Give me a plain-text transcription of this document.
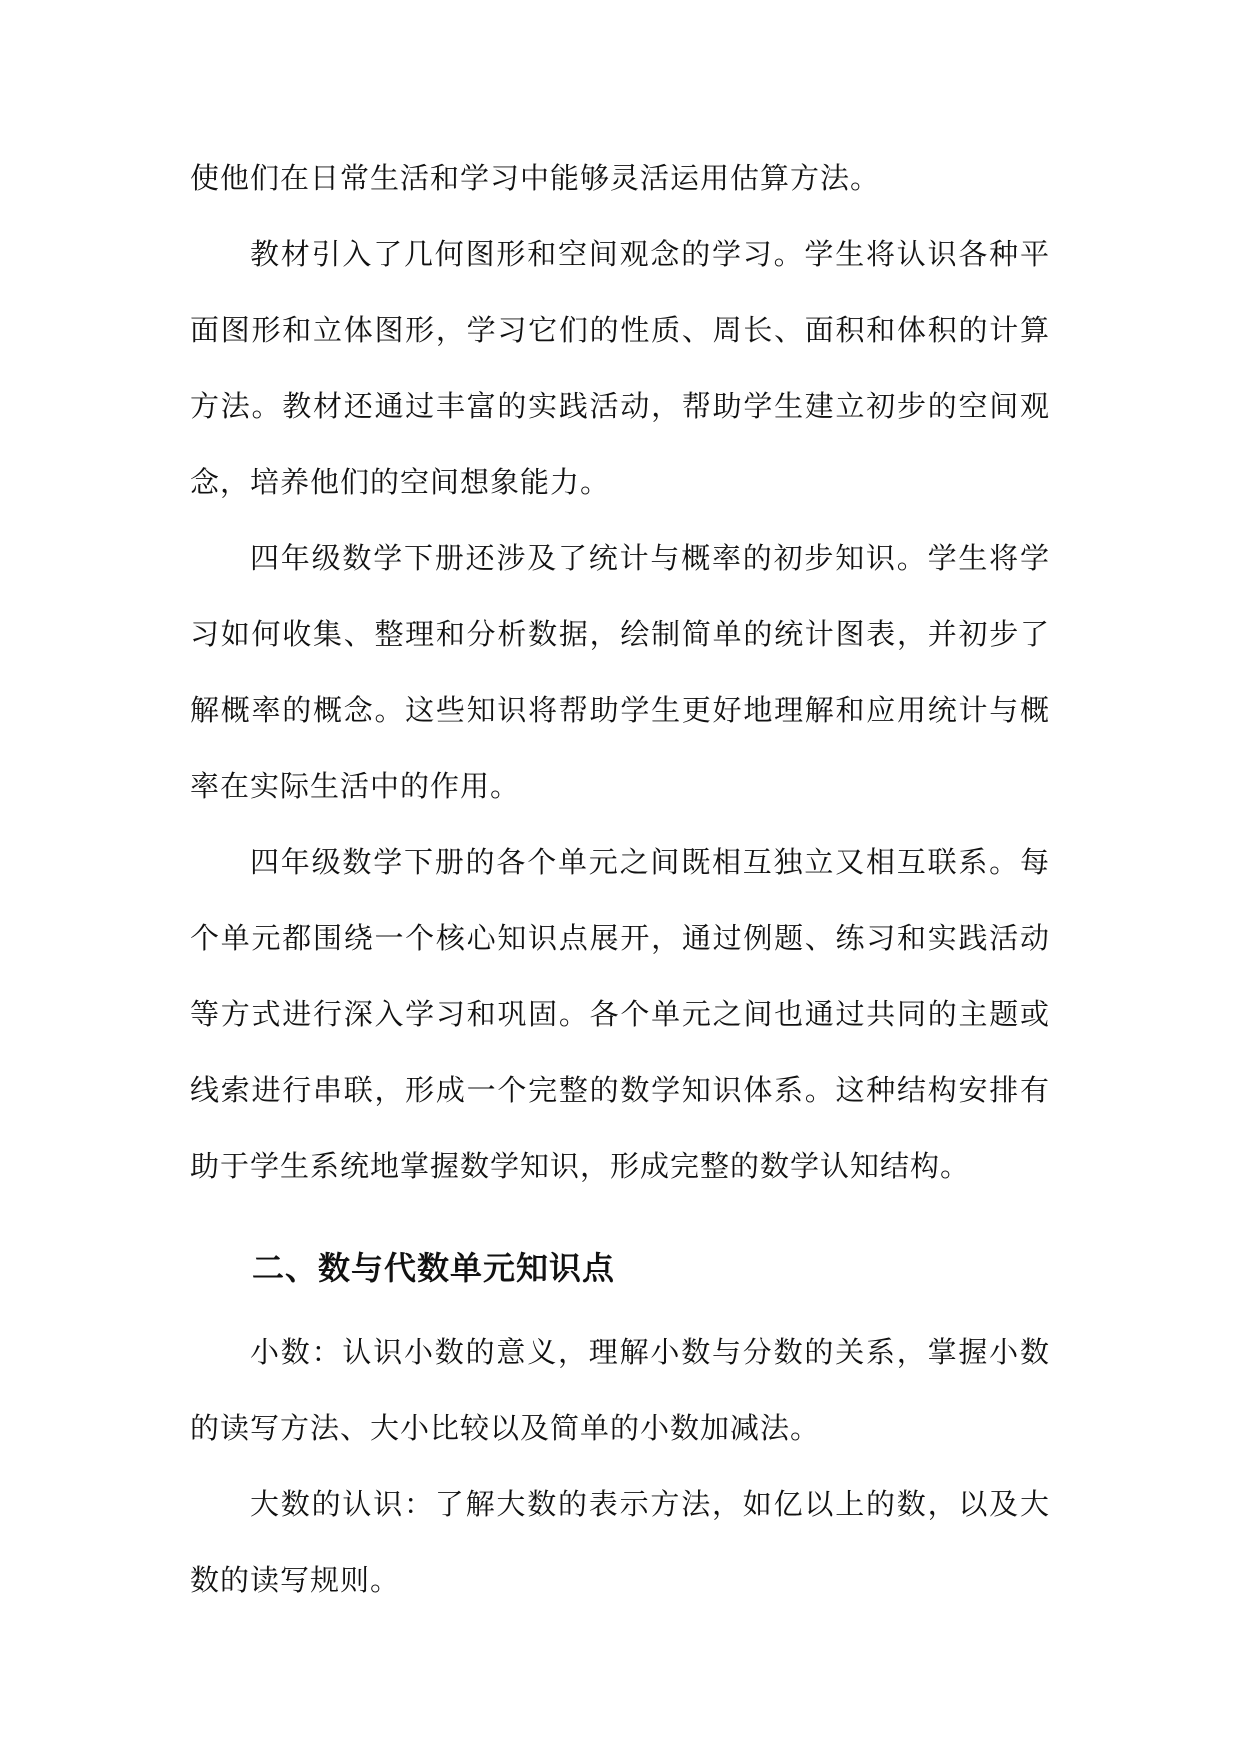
使他们在日常生活和学习中能够灵活运用估算方法。

教材引入了几何图形和空间观念的学习。学生将认识各种平面图形和立体图形，学习它们的性质、周长、面积和体积的计算方法。教材还通过丰富的实践活动，帮助学生建立初步的空间观念，培养他们的空间想象能力。

四年级数学下册还涉及了统计与概率的初步知识。学生将学习如何收集、整理和分析数据，绘制简单的统计图表，并初步了解概率的概念。这些知识将帮助学生更好地理解和应用统计与概率在实际生活中的作用。

四年级数学下册的各个单元之间既相互独立又相互联系。每个单元都围绕一个核心知识点展开，通过例题、练习和实践活动等方式进行深入学习和巩固。各个单元之间也通过共同的主题或线索进行串联，形成一个完整的数学知识体系。这种结构安排有助于学生系统地掌握数学知识，形成完整的数学认知结构。

二、数与代数单元知识点

小数：认识小数的意义，理解小数与分数的关系，掌握小数的读写方法、大小比较以及简单的小数加减法。

大数的认识：了解大数的表示方法，如亿以上的数，以及大数的读写规则。
